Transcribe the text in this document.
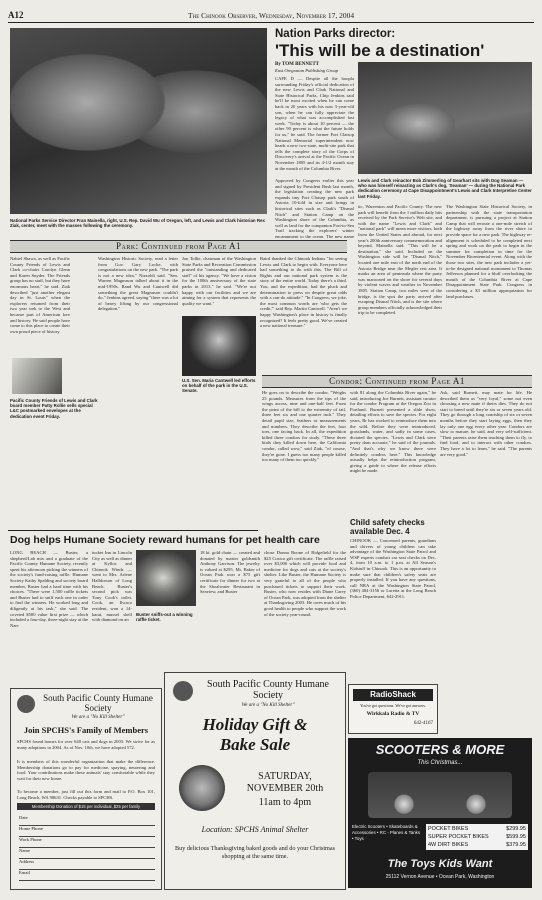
A12	The Chinook Observer, Wednesday, November 17, 2004
National Parks Service Director Fran Mainella, right, U.S. Rep. David Wu of Oregon, left, and Lewis and Clark historian Rex Ziak, center, meet with the masses following the ceremony.
Nation Parks director:
'This will be a destination'
By TOM BENNETT
East Oregonian Publishing Group
CAPE D — Despite all the hoopla surrounding Friday's official dedication of the new Lewis and Clark National and State Historical Parks, Chip Jenkins said he'll be most excited when he can come back in 20 years with his now 5-year-old son, when he can fully appreciate the legacy of what was accomplished last week. "Today is about 10 percent — the other 90 percent is what the future holds for us," he said. The former Fort Clatsop National Memorial superintendent now heads a new two-state, multi-site park that tells the complete story of the Corps of Discovery's arrival at the Pacific Ocean in November 1805 and its 4-1/2 month stay at the mouth of the Columbia River.
Approved by Congress earlier this year and signed by President Bush last month, the legislation creating the new park expands tiny Fort Clatsop park south of Astoria 10-fold in size and brings in historical sites such as Clark's "Dismal Nitch" and Station Camp on the Washington shore of the Columbia, as well as land for the companion Fort-to-Sea Trail tracking the explorers' winter encampment to the ocean. The new name
Lewis and Clark reinactor Bob Zimmerling of Gearhart sits with Dog Seaman — who was himself reinacting as Clark's dog, 'Seaman' — during the National Park dedication ceremony at Cape Disappointment's Lewis and Clark Interpretive Center last Friday.
tic, Warrenton and Pacific County. The new park will benefit from the 1 million daily hits received by the Park Service's Web site, and with the name "Lewis and Clark" and "national park" will mean more visitors, both from the United States and abroad, for next year's 200th anniversary commemoration and beyond, Mainella said. "This will be a destination," she said. Included on the Washington side will be "Dismal Nitch," located one mile east of the north end of the Astoria Bridge near the Megler rest area. It marks an area of peninsula where the party was marooned on the shore for several days by violent waves and weather in November 1805. Station Camp, two miles west of the bridge, is the spot the party arrived after escaping Dismal Nitch, and is the site where group members officially acknowledged their trip to be completed.
The Washington State Historical Society, in partnership with the state transportation department, is pursuing a project at Station Camp that will reroute a one-mile stretch of the highway away from the river shore to provide space for a new park. The highway re-alignment is scheduled to be completed next spring and work on the park to begin in the summer for completion in time for the November Bicentennial event. Along with the those two sites, the new park includes a yet-to-be designed national monument to Thomas Jefferson planned for a bluff overlooking the mouth of the Columbia River at Cape Disappointment State Park. Congress in considering a $3 million appropriation for land purchases.
Park: Continued from Page A1
Nabiel Shawa, as well as Pacific County Friends of Lewis and Clark co-chairs Carolyn Glenn and Karen Snyder. The Friends group has no staff, but they have enormous heart," he said. Ziak described "just another elegant day in St. Louis" when the explorers returned from their two year trek to the West and became part of American lore and history. He said people have come to this place to create their own proud piece of history.
Pacific County Friends of Lewis and Clark board member Patty Rollie sells special L&C postmarked envelopes at the dedication event Friday.
Washington Historic Society, read a letter from Gov. Gary Locke, with congratulations on the new park. "The park is not a new idea," Nizzoldi said. "Sen. Warren Magnuson talked about it in the mid-1950s. Rand Wu and Cantwell did something the great Magnuson couldn't do," Jenkins agreed, saying "there was a lot of heavy lifting by our congressional delegation."
Jon Tollie, chairman of the Washington State Parks and Recreation Commission praised the "outstanding and dedicated staff" of his agency. "We have a vision for the 100th anniversary of the state parks in 2013," he said. "We're not happy with our facilities and we are aiming for a system that represents the quality we want."
U.S. Sen. Maria Cantwell led efforts on behalf of the park in the U.S. Senate.
Baird thanked the Chinook Indians "for seeing Lewis and Clark to begin with. Everyone here had something to do with this. The Bill of Rights and our national park system is the story of the entire world. Today there's a third. You, and the expedition, had the pluck and determination to press on despite great odds with a can-do attitude." "In Congress, we joke, the most common words are 'who gets the credit,'" said Rep. Martin Cantwell. "Aren't we happy Washington's place in history is finally recognized? It feels pretty good. We've created a new national treasure."
Condor: Continued from Page A1
He goes on to describe the condor. "Weighs 25 pounds. Measures from the tips of the wings across, nine and one-half feet. From the point of the bill to the extremity of tail, three feet six and one quarter inch." They detail pupil size, feathers or measurements and numbers. They describe the feet, four toes, one facing back. In all, the expedition killed three condors for study. "These three birds they killed down here, the California condor, called wow," said Ziak, "of course, they're gone. I guess too many people killed too many of them too quickly."
with 81 along the Columbia River again," he said, introducing Joe Burnett, assistant curator for the condor Program at the Oregon Zoo in Portland. Burnett presented a slide show, detailing efforts to save the species. For eight years, Br has worked to reintroduce them into the wild. Before they were reintroduced, grasslands, water, and sadly in some cases, dictated the species. "Lewis and Clark were pretty darn accurate," he said of the journals. "And that's why we know there were definitely condors here." This knowledge actually helps the reintroduction program, giving a guide to where the release efforts might be made.
Ask, said Burnett, may mate for life. He described them as "very loyal," some not even choosing a new mate if theirs dies. They do not start to breed until they're six or seven years old. They go through a long courtship of six or seven months before they start laying eggs, then they lay only one egg every other year. Condors are slow to mature, he said, and very self-sufficient. "Their parents raise them teaching them to fly, to find food, and to interact with other condors. They have a lot to learn," he said. "The parents are very good."
Child safety checks available Dec. 4
CHINOOK — Concerned parents, guardians and drivers of young children can take advantage of the Washington State Patrol and WSP experts conduct car seat checks on Dec. 4, from 10 a.m. to 1 p.m. at All Season's Kidstuff in Chinook. This is an opportunity to make sure that children's safety seats are properly installed. If you have any questions, call NRA at the Washington State Patrol, (360) 484-3150 or Loretta at the Long Beach Police Department, 642-2911.
Dog helps Humane Society reward humans for pet health care
LONG BEACH — Buster, a shepherd/Lab mix and a graduate of the Pacific County Humane Society, recently spent his afternoon picking the winners of the society's fund-raising raffle. Humane Society Kathy Spalding and society board member, Buster had a hard time with his choices. "There were 1,500 raffle tickets and Buster had to sniff each one in order to find the winners. He worked long and diligently at his task," she said. The coveted $500 value first prize — which included a four-day, three-night stay at the Nan-
tucket Inn in Lincoln City as well as dinner at Kyllos and Chinook Winds — went to Mrs. Arlene Halldorson of Long Beach. Buster's second pick was Tony Cook's toilet. Cook, an Ilwaco resident, won a 14-karat, mussel shell with diamond on an
Buster sniffs-out a winning raffle ticket.
18 kt. gold chain — created and donated by master goldsmith Anthony Garrison. The jewelry is valued at $295. Mr. Baker of Ocean Park won a $75 gift certificate for dinner for two at the Shoalwater Restaurant in Seaview, and Buster
chose Donna Boone of Ridgefield for the $25 Costco gift certificate. The raffle raised over $3,000 which will provide food and medicine for dogs and cats at the society's shelter. Like Buster, the Humane Society is very grateful to all of the people who purchased tickets to support their work. Buster, who now resides with Diane Carey of Ocean Park, was adopted from the shelter at Thanksgiving 2003. He owes much of his good health to people who support the work of the society year-round.
South Pacific County Humane Society
We are a "No Kill Shelter"
Join SPCHS's Family of Members
SPCHS found homes for over 640 cats and dogs in 2003. We strive for as many adoptions in 2004. As of Nov. 10th, we have adopted 572.
It is members of this wonderful organization that make the difference. Membership donations go to pay for medicine, spaying, neutering and food. Your contributions make these animals' stay comfortable while they wait for their new home.
To become a member, just fill out this form and mail to P.O. Box 101, Long Beach, WA 98631. Checks payable to SPCHS.
Membership Donation of $15 per individual, $25 per family
Date
Home Phone
Work Phone
Name
Address
Email
South Pacific County Humane Society
We are a "No Kill Shelter"
Holiday Gift &
Bake Sale
SATURDAY,
NOVEMBER 20th
11am to 4pm
Location: SPCHS Animal Shelter
Buy delicious Thanksgiving baked goods and do your Christmas shopping at the same time.
RadioShack
You've got questions. We've got answers.
Wirkkala Radio & TV
642-4167
SCOOTERS & MORE
This Christmas...
Electric Scooters • Skateboards & Accessories • RC - Planes & Tanks • Toys
POCKET BIKES	$299.95
SUPER POCKET BIKES	$599.95
4W DIRT BIKES	$379.95
The Toys Kids Want
25112 Vernon Avenue • Ocean Park, Washington
